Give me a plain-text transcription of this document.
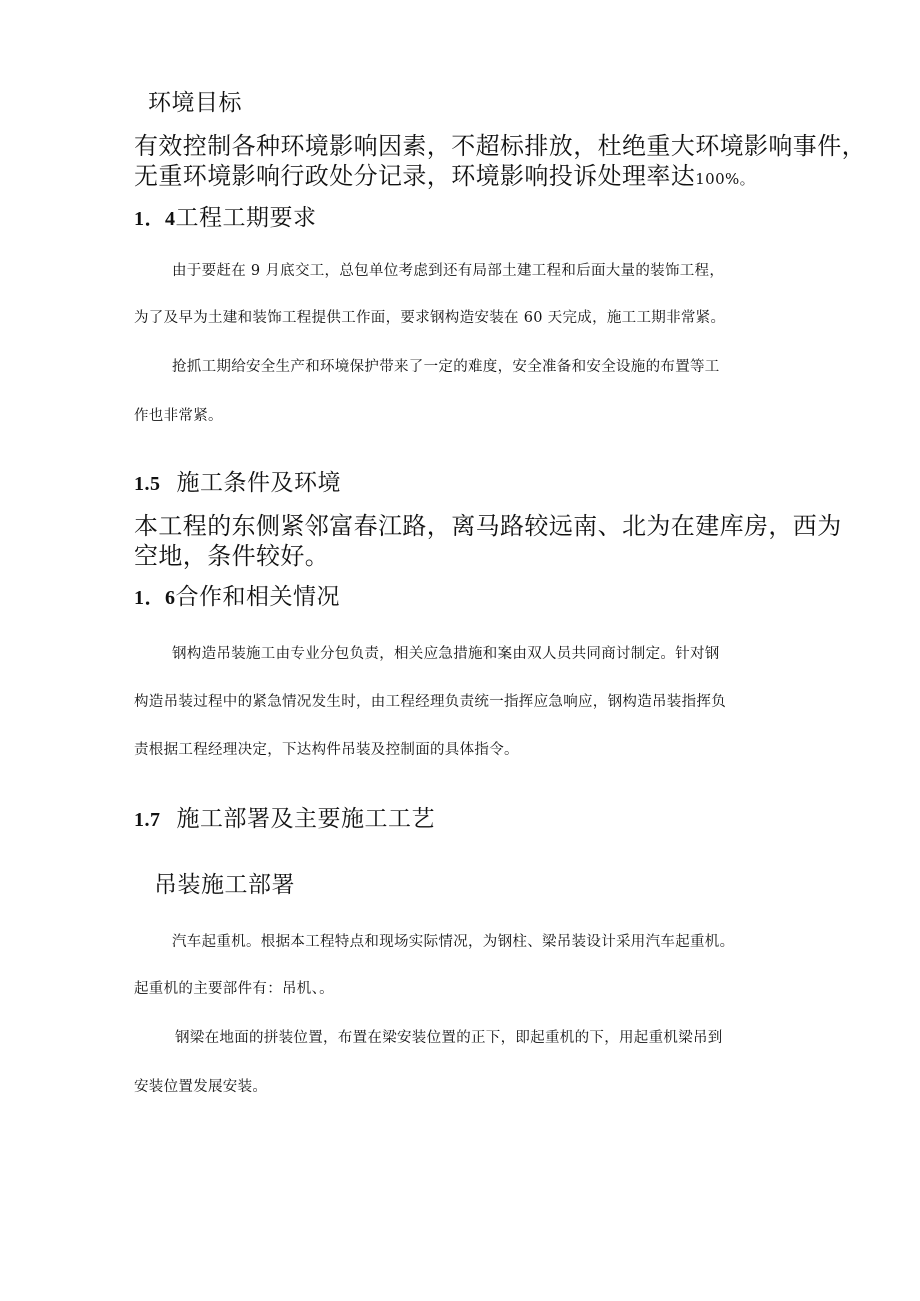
环境目标
有效控制各种环境影响因素，不超标排放，杜绝重大环境影响事件，
无重环境影响行政处分记录，环境影响投诉处理率达100%。
1．4工程工期要求
由于要赶在 9 月底交工，总包单位考虑到还有局部土建工程和后面大量的装饰工程，
为了及早为土建和装饰工程提供工作面，要求钢构造安装在 60 天完成，施工工期非常紧。
抢抓工期给安全生产和环境保护带来了一定的难度，安全准备和安全设施的布置等工
作也非常紧。
1.5 施工条件及环境
本工程的东侧紧邻富春江路，离马路较远南、北为在建库房，西为
空地，条件较好。
1．6合作和相关情况
钢构造吊装施工由专业分包负责，相关应急措施和案由双人员共同商讨制定。针对钢
构造吊装过程中的紧急情况发生时，由工程经理负责统一指挥应急响应，钢构造吊装指挥负
责根据工程经理决定，下达构件吊装及控制面的具体指令。
1.7 施工部署及主要施工工艺
吊装施工部署
汽车起重机。根据本工程特点和现场实际情况，为钢柱、梁吊装设计采用汽车起重机。
起重机的主要部件有：吊机、。
钢梁在地面的拼装位置，布置在梁安装位置的正下，即起重机的下，用起重机梁吊到
安装位置发展安装。
